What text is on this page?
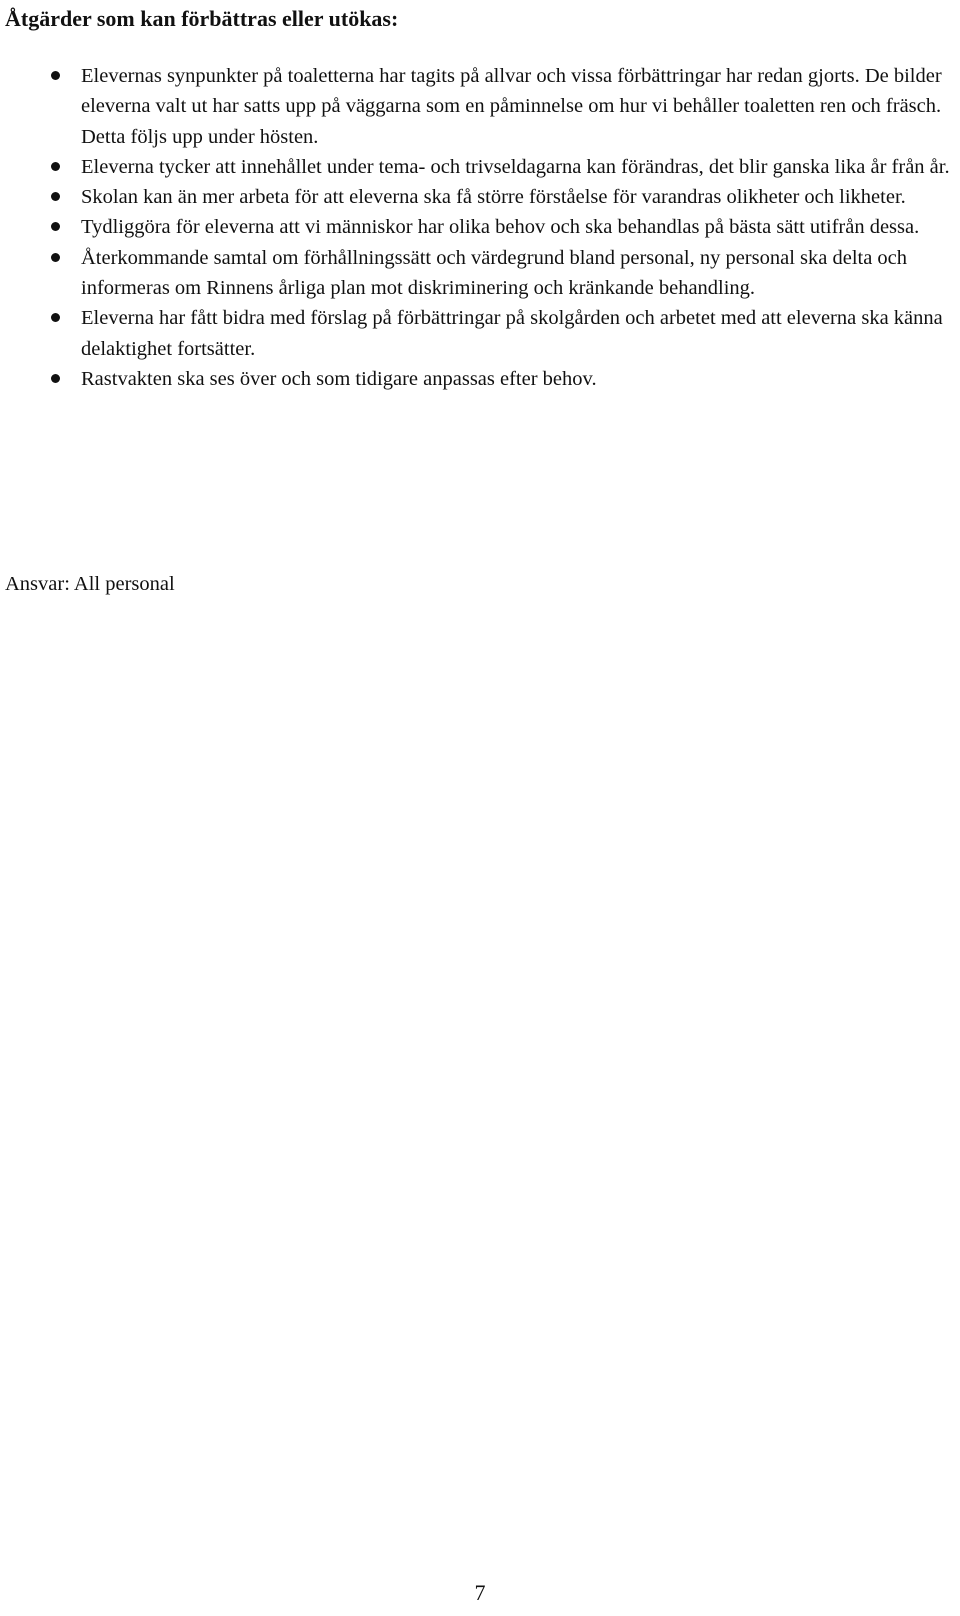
Åtgärder som kan förbättras eller utökas:
Elevernas synpunkter på toaletterna har tagits på allvar och vissa förbättringar har redan gjorts. De bilder eleverna valt ut har satts upp på väggarna som en påminnelse om hur vi behåller toaletten ren och fräsch. Detta följs upp under hösten.
Eleverna tycker att innehållet under tema- och trivseldagarna kan förändras, det blir ganska lika år från år.
Skolan kan än mer arbeta för att eleverna ska få större förståelse för varandras olikheter och likheter.
Tydliggöra för eleverna att vi människor har olika behov och ska behandlas på bästa sätt utifrån dessa.
Återkommande samtal om förhållningssätt och värdegrund bland personal, ny personal ska delta och informeras om Rinnens årliga plan mot diskriminering och kränkande behandling.
Eleverna har fått bidra med förslag på förbättringar på skolgården och arbetet med att eleverna ska känna delaktighet fortsätter.
Rastvakten ska ses över och som tidigare anpassas efter behov.

Ansvar: All personal

7
